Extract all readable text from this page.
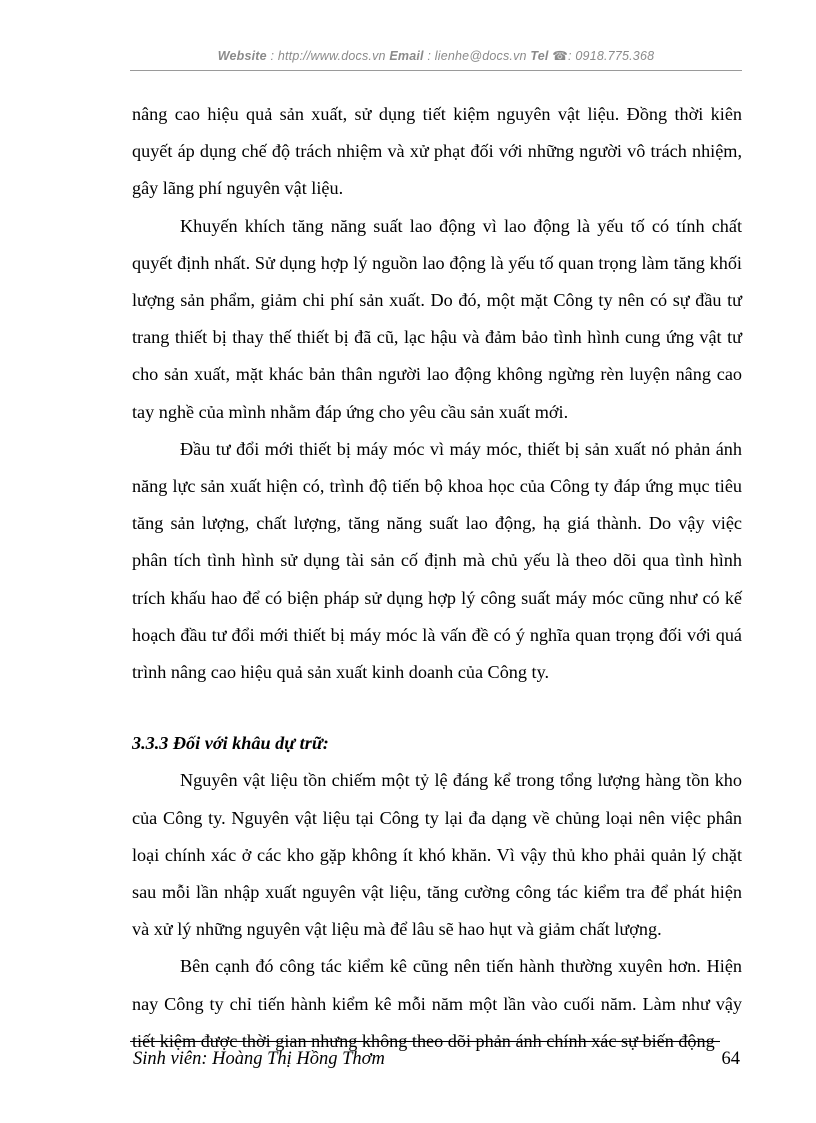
Website : http://www.docs.vn Email : lienhe@docs.vn Tel ☎: 0918.775.368

nâng cao hiệu quả sản xuất, sử dụng tiết kiệm nguyên vật liệu. Đồng thời kiên quyết áp dụng chế độ trách nhiệm và xử phạt đối với những người vô trách nhiệm, gây lãng phí nguyên vật liệu.

Khuyến khích tăng năng suất lao động vì lao động là yếu tố có tính chất quyết định nhất. Sử dụng hợp lý nguồn lao động là yếu tố quan trọng làm tăng khối lượng sản phẩm, giảm chi phí sản xuất. Do đó, một mặt Công ty nên có sự đầu tư trang thiết bị thay thế thiết bị đã cũ, lạc hậu và đảm bảo tình hình cung ứng vật tư cho sản xuất, mặt khác bản thân người lao động không ngừng rèn luyện nâng cao tay nghề của mình nhằm đáp ứng cho yêu cầu sản xuất mới.

Đầu tư đổi mới thiết bị máy móc vì máy móc, thiết bị sản xuất nó phản ánh năng lực sản xuất hiện có, trình độ tiến bộ khoa học của Công ty đáp ứng mục tiêu tăng sản lượng, chất lượng, tăng năng suất lao động, hạ giá thành. Do vậy việc phân tích tình hình sử dụng tài sản cố định mà chủ yếu là theo dõi qua tình hình trích khấu hao để có biện pháp sử dụng hợp lý công suất máy móc cũng như có kế hoạch đầu tư đổi mới thiết bị máy móc là vấn đề có ý nghĩa quan trọng đối với quá trình nâng cao hiệu quả sản xuất kinh doanh của Công ty.

3.3.3 Đối với khâu dự trữ:

Nguyên vật liệu tồn chiếm một tỷ lệ đáng kể trong tổng lượng hàng tồn kho của Công ty. Nguyên vật liệu tại Công ty lại đa dạng về chủng loại nên việc phân loại chính xác ở các kho gặp không ít khó khăn. Vì vậy thủ kho phải quản lý chặt sau mỗi lần nhập xuất nguyên vật liệu, tăng cường công tác kiểm tra để phát hiện và xử lý những nguyên vật liệu mà để lâu sẽ hao hụt và giảm chất lượng.

Bên cạnh đó công tác kiểm kê cũng nên tiến hành thường xuyên hơn. Hiện nay Công ty chỉ tiến hành kiểm kê mỗi năm một lần vào cuối năm. Làm như vậy tiết kiệm được thời gian nhưng không theo dõi phản ánh chính xác sự biến động

Sinh viên: Hoàng Thị Hồng Thơm	64
